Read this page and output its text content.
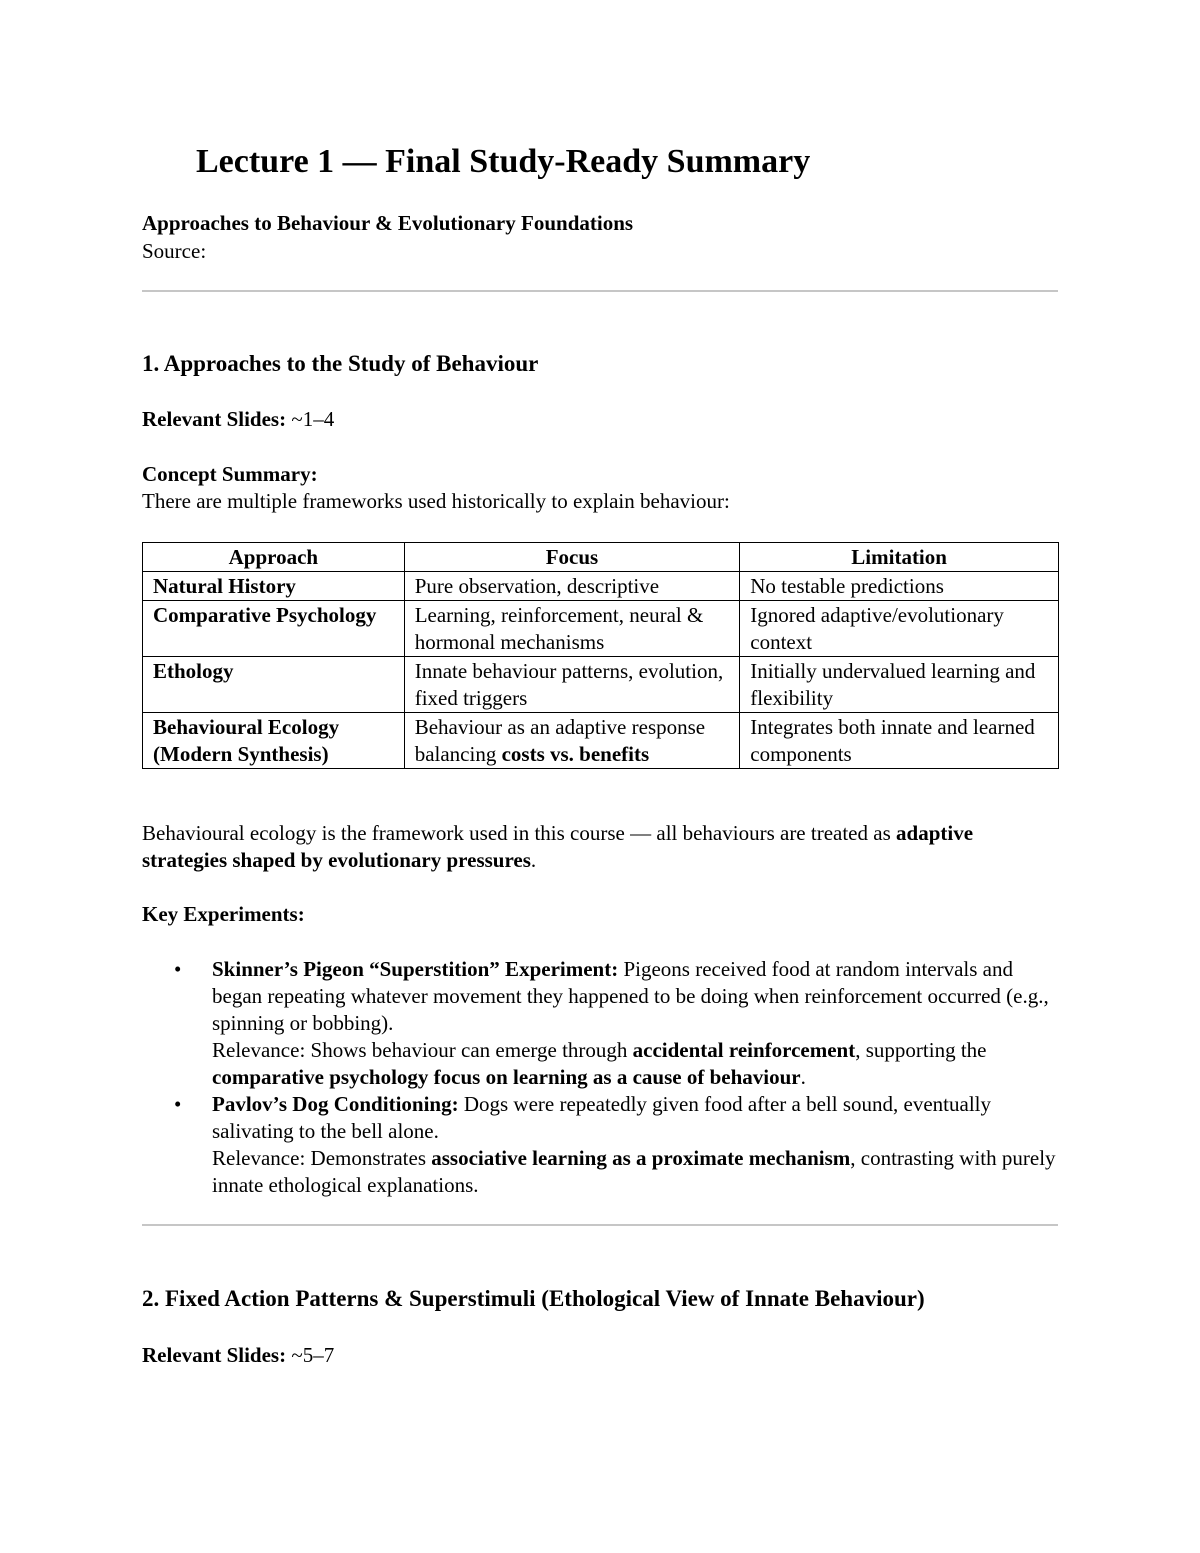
Lecture 1 — Final Study-Ready Summary
Approaches to Behaviour & Evolutionary Foundations
Source:
1. Approaches to the Study of Behaviour
Relevant Slides: ~1–4
Concept Summary:
There are multiple frameworks used historically to explain behaviour:
Approach	Focus	Limitation
Natural History	Pure observation, descriptive	No testable predictions
Comparative Psychology	Learning, reinforcement, neural & hormonal mechanisms	Ignored adaptive/evolutionary context
Ethology	Innate behaviour patterns, evolution, fixed triggers	Initially undervalued learning and flexibility
Behavioural Ecology (Modern Synthesis)	Behaviour as an adaptive response balancing costs vs. benefits	Integrates both innate and learned components
Behavioural ecology is the framework used in this course — all behaviours are treated as adaptive strategies shaped by evolutionary pressures.
Key Experiments:
• Skinner’s Pigeon “Superstition” Experiment: Pigeons received food at random intervals and began repeating whatever movement they happened to be doing when reinforcement occurred (e.g., spinning or bobbing).
Relevance: Shows behaviour can emerge through accidental reinforcement, supporting the comparative psychology focus on learning as a cause of behaviour.
• Pavlov’s Dog Conditioning: Dogs were repeatedly given food after a bell sound, eventually salivating to the bell alone.
Relevance: Demonstrates associative learning as a proximate mechanism, contrasting with purely innate ethological explanations.
2. Fixed Action Patterns & Superstimuli (Ethological View of Innate Behaviour)
Relevant Slides: ~5–7
